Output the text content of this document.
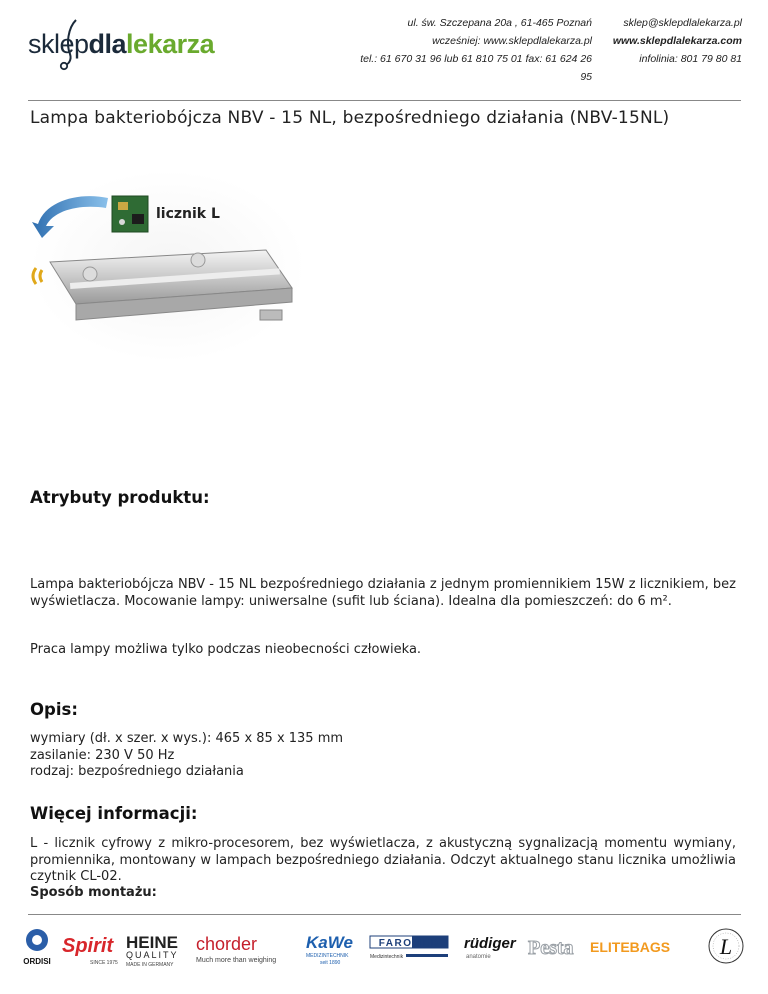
sklep dla lekarza
ul. św. Szczepana 20a , 61-465 Poznań
wcześniej: www.sklepdlalekarza.pl
tel.: 61 670 31 96 lub 61 810 75 01 fax: 61 624 26 95
sklep@sklepdlalekarza.pl
www.sklepdlalekarza.com
infolinia: 801 79 80 81
Lampa bakteriobójcza NBV - 15 NL, bezpośredniego działania (NBV-15NL)
licznik L
Atrybuty produktu:

Lampa bakteriobójcza NBV - 15 NL bezpośredniego działania z jednym promiennikiem 15W z licznikiem, bez wyświetlacza. Mocowanie lampy: uniwersalne (sufit lub ściana). Idealna dla pomieszczeń: do 6 m².

Praca lampy możliwa tylko podczas nieobecności człowieka.

Opis:
wymiary (dł. x szer. x wys.): 465 x 85 x 135 mm
zasilanie: 230 V 50 Hz
rodzaj: bezpośredniego działania
Więcej informacji:

L - licznik cyfrowy z mikro-procesorem, bez wyświetlacza, z akustyczną sygnalizacją momentu wymiany, promiennika, montowany w lampach bezpośredniego działania. Odczyt aktualnego stanu licznika umożliwia czytnik CL-02.

Sposób montażu:

ORDISI
Spirit
SINCE 1975
HEINE
QUALITY
MADE IN GERMANY
chorder
Much more than weighing
KaWe
MEDIZINTECHNIK
seit 1890
FAROMED
Medizintechnik
rüdiger
anatomie Pesta ELITEBAGS L
